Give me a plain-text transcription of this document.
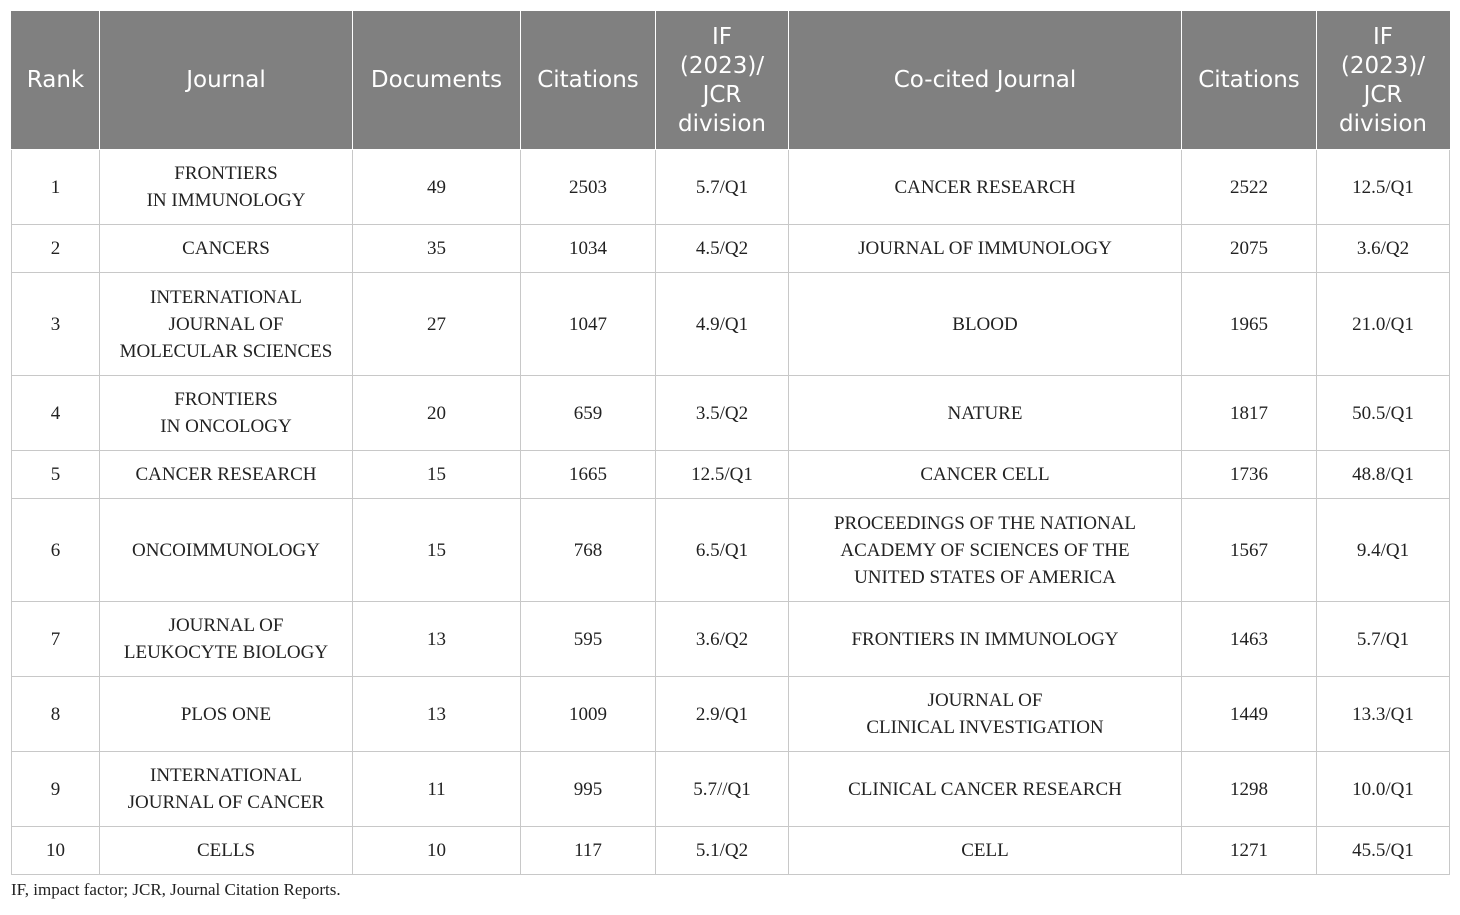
Rank	Journal	Documents	Citations	IF
(2023)/
JCR
division	Co-cited Journal	Citations	IF
(2023)/
JCR
division

1	FRONTIERS
IN IMMUNOLOGY	49	2503	5.7/Q1	CANCER RESEARCH	2522	12.5/Q1
2	CANCERS	35	1034	4.5/Q2	JOURNAL OF IMMUNOLOGY	2075	3.6/Q2
3	INTERNATIONAL
JOURNAL OF
MOLECULAR SCIENCES	27	1047	4.9/Q1	BLOOD	1965	21.0/Q1
4	FRONTIERS
IN ONCOLOGY	20	659	3.5/Q2	NATURE	1817	50.5/Q1
5	CANCER RESEARCH	15	1665	12.5/Q1	CANCER CELL	1736	48.8/Q1
6	ONCOIMMUNOLOGY	15	768	6.5/Q1	PROCEEDINGS OF THE NATIONAL
ACADEMY OF SCIENCES OF THE
UNITED STATES OF AMERICA	1567	9.4/Q1
7	JOURNAL OF
LEUKOCYTE BIOLOGY	13	595	3.6/Q2	FRONTIERS IN IMMUNOLOGY	1463	5.7/Q1
8	PLOS ONE	13	1009	2.9/Q1	JOURNAL OF
CLINICAL INVESTIGATION	1449	13.3/Q1
9	INTERNATIONAL
JOURNAL OF CANCER	11	995	5.7//Q1	CLINICAL CANCER RESEARCH	1298	10.0/Q1
10	CELLS	10	117	5.1/Q2	CELL	1271	45.5/Q1

IF, impact factor; JCR, Journal Citation Reports.
